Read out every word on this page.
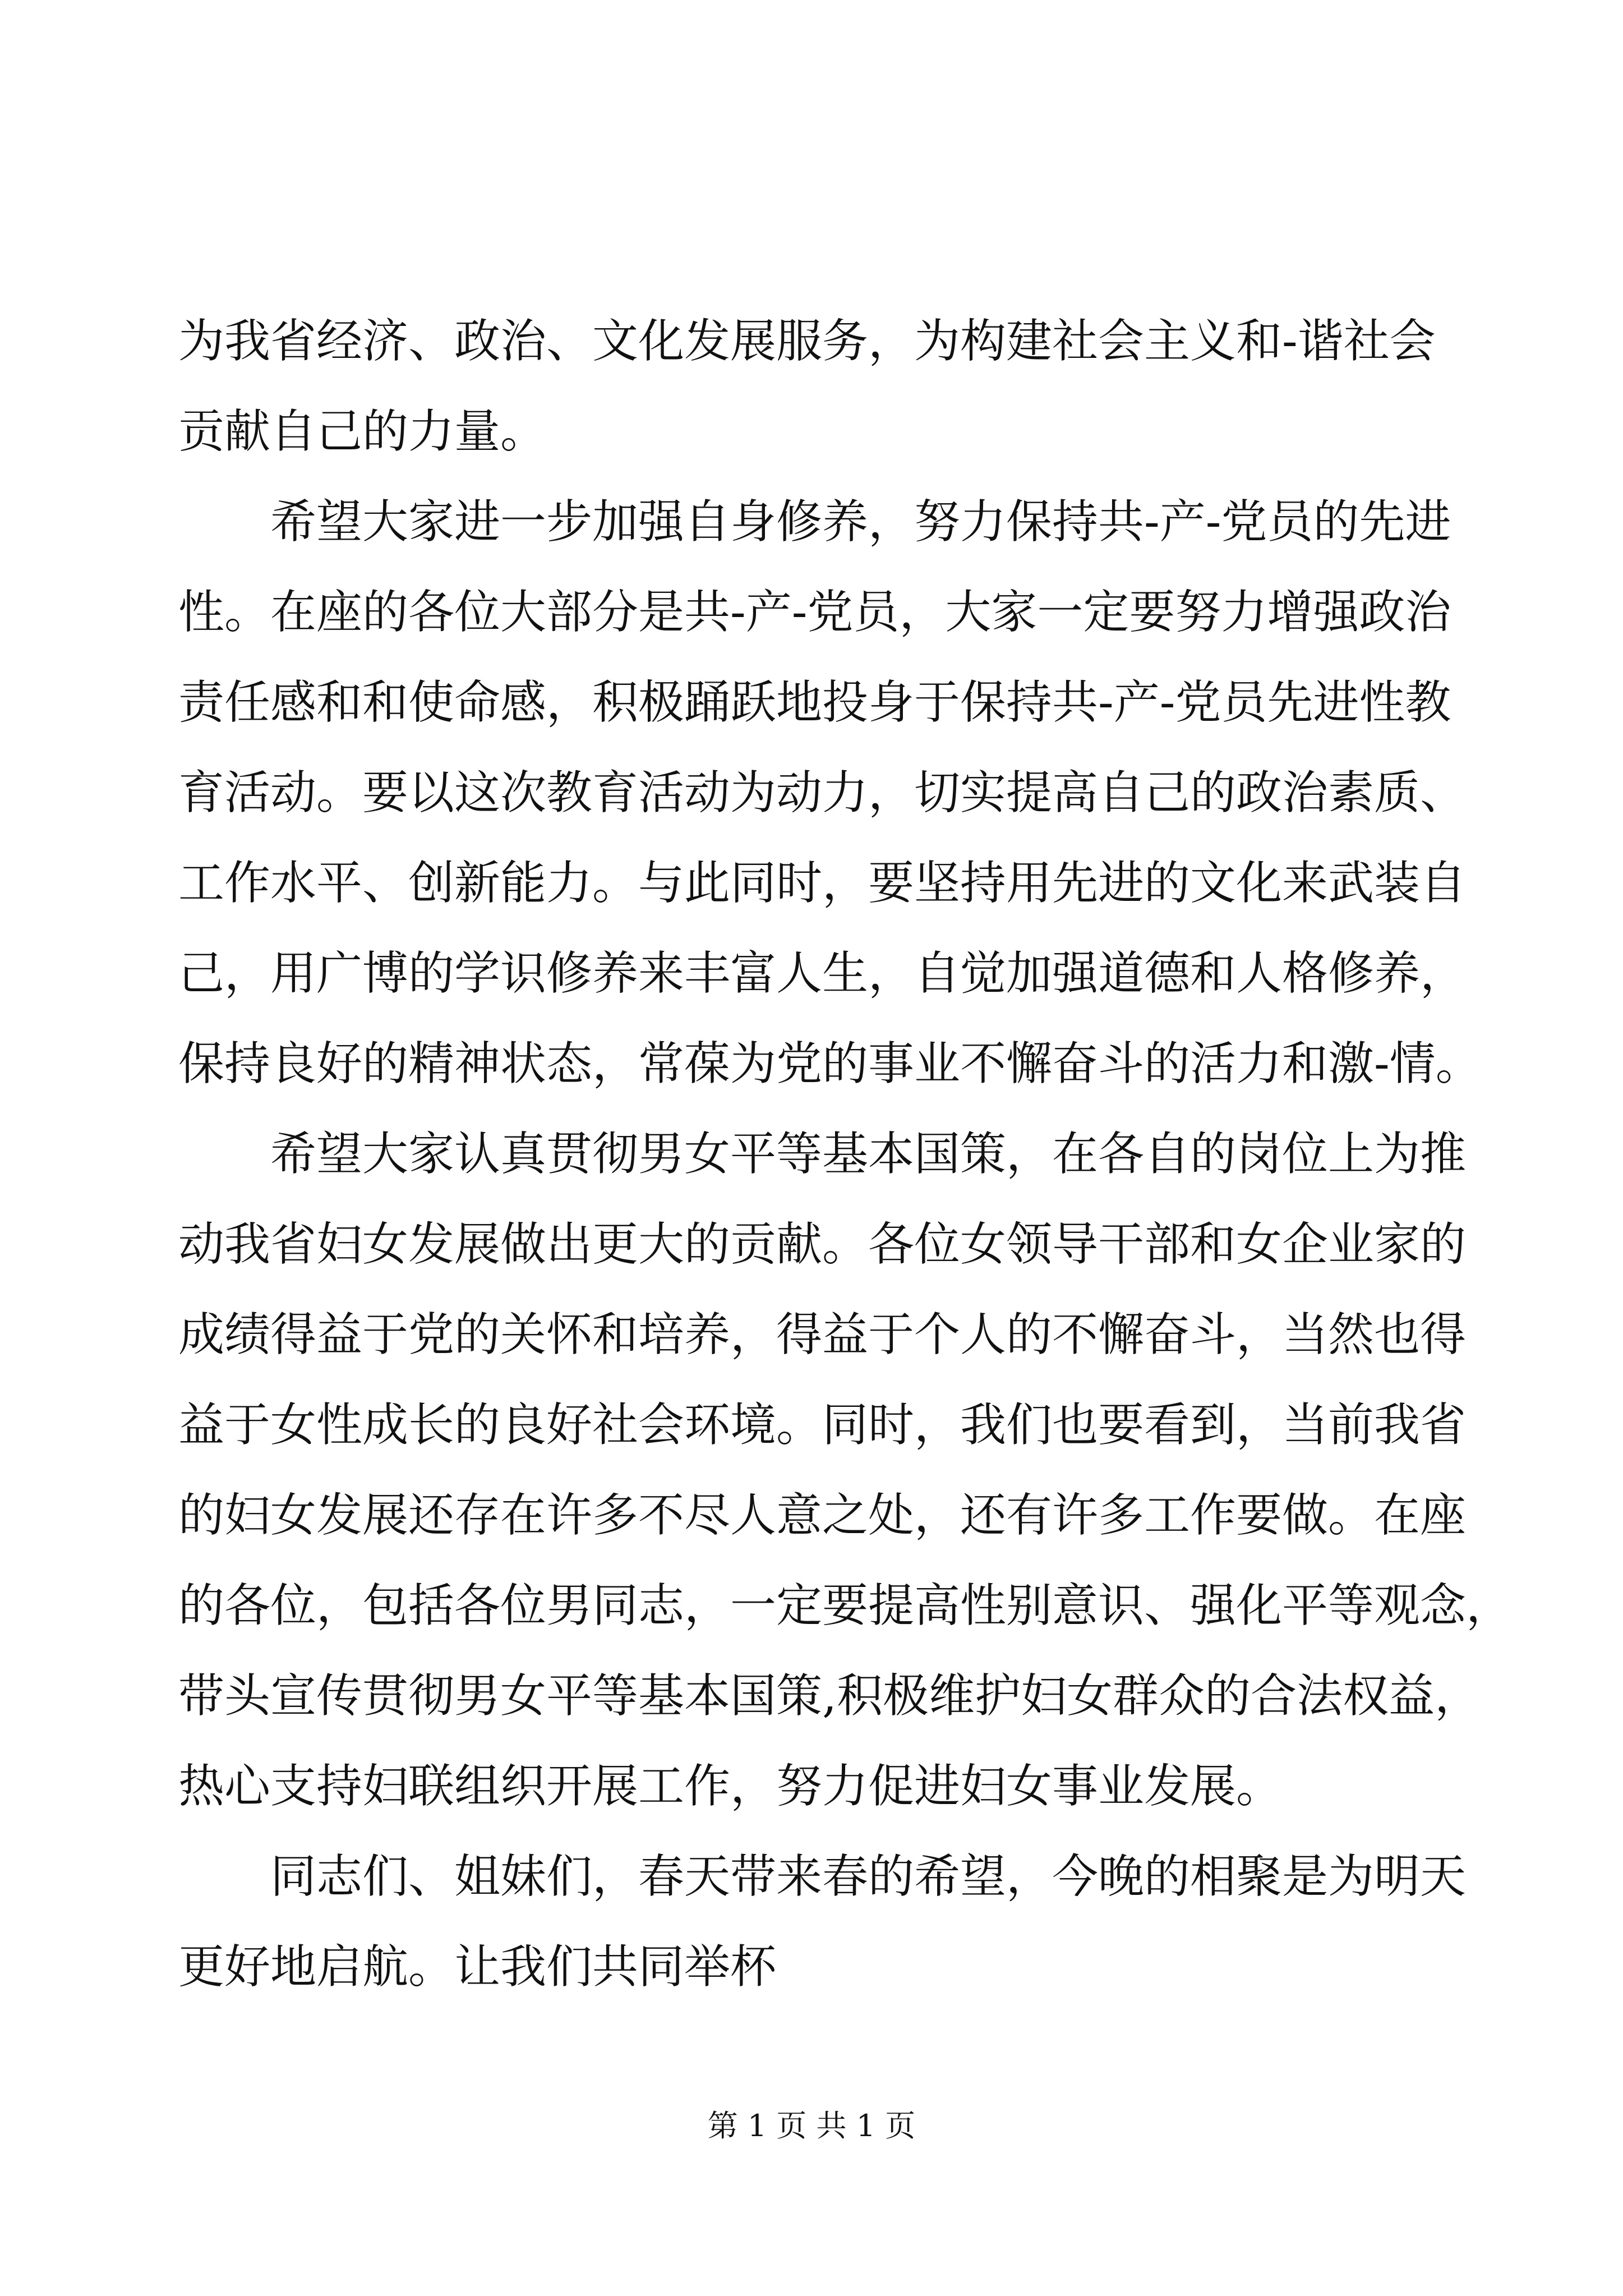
为我省经济、政治、文化发展服务，为构建社会主义和-谐社会
贡献自己的力量。
希望大家进一步加强自身修养，努力保持共-产-党员的先进
性。在座的各位大部分是共-产-党员，大家一定要努力增强政治
责任感和和使命感，积极踊跃地投身于保持共-产-党员先进性教
育活动。要以这次教育活动为动力，切实提高自己的政治素质、
工作水平、创新能力。与此同时，要坚持用先进的文化来武装自
己，用广博的学识修养来丰富人生，自觉加强道德和人格修养，
保持良好的精神状态，常葆为党的事业不懈奋斗的活力和激-情。
希望大家认真贯彻男女平等基本国策，在各自的岗位上为推
动我省妇女发展做出更大的贡献。各位女领导干部和女企业家的
成绩得益于党的关怀和培养，得益于个人的不懈奋斗，当然也得
益于女性成长的良好社会环境。同时，我们也要看到，当前我省
的妇女发展还存在许多不尽人意之处，还有许多工作要做。在座
的各位，包括各位男同志，一定要提高性别意识、强化平等观念，
带头宣传贯彻男女平等基本国策,积极维护妇女群众的合法权益，
热心支持妇联组织开展工作，努力促进妇女事业发展。
同志们、姐妹们，春天带来春的希望，今晚的相聚是为明天
更好地启航。让我们共同举杯
第 1 页 共 1 页
